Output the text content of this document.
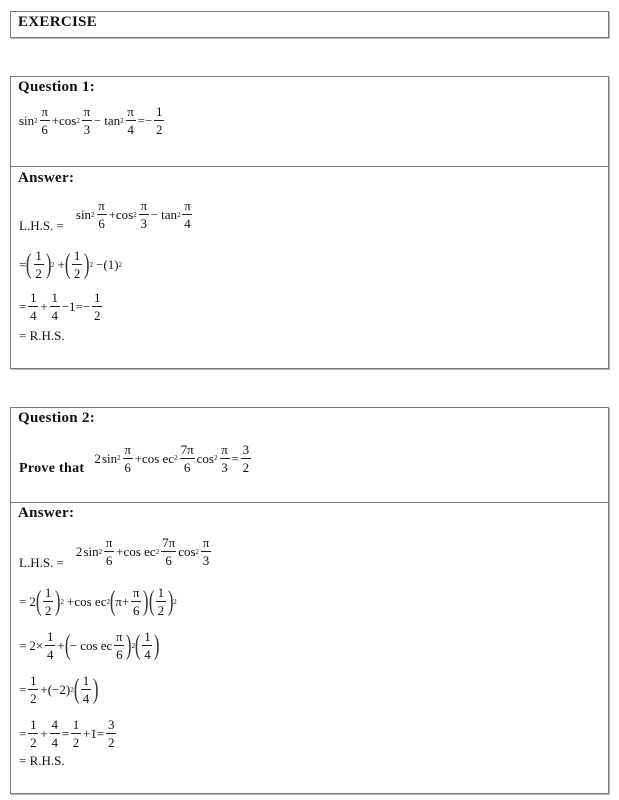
EXERCISE
Question 1:
$\sin 2 \frac{\pi}{6} + \cos 2 \frac{\pi}{3} - \tan 2 \frac{\pi}{4}$ = − $\frac{1}{2}$
Answer:
L.H.S. =
$\sin 2 \frac{\pi}{6} + \cos 2 \frac{\pi}{3} - \tan 2 \frac{\pi}{4}$
= ( $\frac{1}{2}$ ) 2 + ( $\frac{1}{2}$ ) 2 − ( 1 ) 2
= $\frac{1}{4} + \frac{1}{4} - 1$ = − $\frac{1}{2}$
= R.H.S.
Question 2:
Prove that
2
  $\sin 2 \frac{\pi}{6} + \cos$ ec $2 \frac{7\pi}{6}$ $\cos 2 \frac{\pi}{3} = \frac{3}{2}$
Answer:
L.H.S. =
2
  $\sin 2 \frac{\pi}{6} + \cos$ ec $2 \frac{7\pi}{6}$ $\cos 2 \frac{\pi}{3}$
= 2 ( $\frac{1}{2}$ ) 2 + cos ec 2 ( $\pi + \frac{\pi}{6}$ ) ( $\frac{1}{2}$ ) 2
= $2 \times \frac{1}{4}$ + ( − cos ec $\frac{\pi}{6}$ ) 2 ( $\frac{1}{4}$ )
= $\frac{1}{2}$ + ( −2 ) 2 ( $\frac{1}{4}$ )
= $\frac{1}{2} + \frac{4}{4} = \frac{1}{2} + 1 = \frac{3}{2}$
= R.H.S.
